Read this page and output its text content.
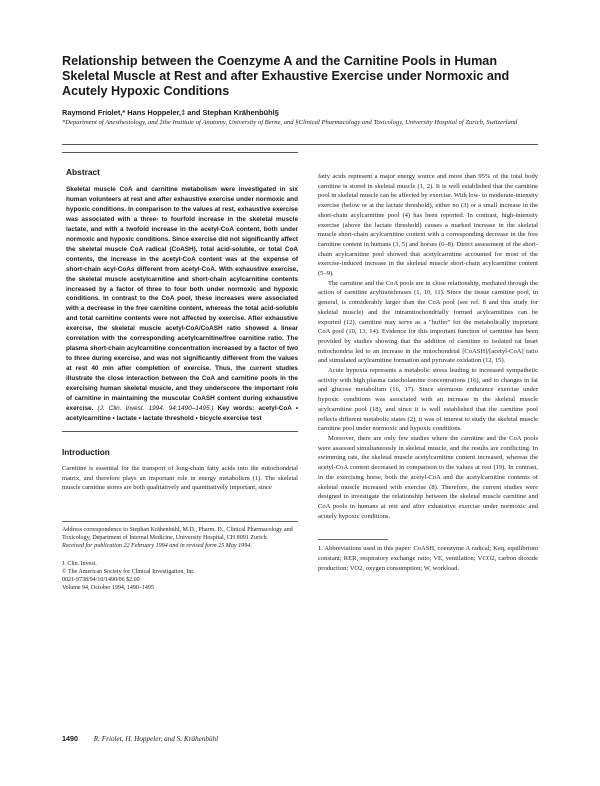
Relationship between the Coenzyme A and the Carnitine Pools in Human Skeletal Muscle at Rest and after Exhaustive Exercise under Normoxic and Acutely Hypoxic Conditions
Raymond Friolet,* Hans Hoppeler,‡ and Stephan Krähenbühl§
*Department of Anesthesiology, and ‡the Institute of Anatomy, University of Berne, and §Clinical Pharmacology and Toxicology, University Hospital of Zurich, Switzerland
Abstract

Skeletal muscle CoA and carnitine metabolism were investigated in six human volunteers at rest and after exhaustive exercise under normoxic and hypoxic conditions. In comparison to the values at rest, exhaustive exercise was associated with a three- to fourfold increase in the skeletal muscle lactate, and with a twofold increase in the acetyl-CoA content, both under normoxic and hypoxic conditions. Since exercise did not significantly affect the skeletal muscle CoA radical (CoASH), total acid-soluble, or total CoA contents, the increase in the acetyl-CoA content was at the expense of short-chain acyl-CoAs different from acetyl-CoA. With exhaustive exercise, the skeletal muscle acetylcarnitine and short-chain acylcarnitine contents increased by a factor of three to four both under normoxic and hypoxic conditions. In contrast to the CoA pool, these increases were associated with a decrease in the free carnitine content, whereas the total acid-soluble and total carnitine contents were not affected by exercise. After exhaustive exercise, the skeletal muscle acetyl-CoA/CoASH ratio showed a linear correlation with the corresponding acetylcarnitine/free carnitine ratio. The plasma short-chain acylcarnitine concentration increased by a factor of two to three during exercise, and was not significantly different from the values at rest 40 min after completion of exercise. Thus, the current studies illustrate the close interaction between the CoA and carnitine pools in the exercising human skeletal muscle, and they underscore the important role of carnitine in maintaining the muscular CoASH content during exhaustive exercise. (J. Clin. Invest. 1994. 94:1490–1495.) Key words: acetyl-CoA • acetylcarnitine • lactate • lactate threshold • bicycle exercise test

Introduction

Carnitine is essential for the transport of long-chain fatty acids into the mitochondrial matrix, and therefore plays an important role in energy metabolism (1). The skeletal muscle carnitine stores are both qualitatively and quantitatively important, since

Address correspondence to Stephan Krähenbühl, M.D., Pharm. D., Clinical Pharmacology and Toxicology, Department of Internal Medicine, University Hospital, CH 8091 Zurich.
Received for publication 22 February 1994 and in revised form 25 May 1994.

J. Clin. Invest.
© The American Society for Clinical Investigation, Inc.
0021-9738/94/10/1490/06 $2.00
Volume 94, October 1994, 1490–1495

fatty acids represent a major energy source and more than 95% of the total body carnitine is stored in skeletal muscle (1, 2). It is well established that the carnitine pool in skeletal muscle can be affected by exercise. With low- to moderate-intensity exercise (below or at the lactate threshold), either no (3) or a small increase in the short-chain acylcarnitine pool (4) has been reported. In contrast, high-intensity exercise (above the lactate threshold) causes a marked increase in the skeletal muscle short-chain acylcarnitine content with a corresponding decrease in the free carnitine content in humans (3, 5) and horses (6–8). Direct assessment of the short-chain acylcarnitine pool showed that acetylcarnitine accounted for most of the exercise-induced increase in the skeletal muscle short-chain acylcarnitine content (5–9).

The carnitine and the CoA pools are in close relationship, mediated through the action of carnitine acyltransferases (1, 10, 11). Since the tissue carnitine pool, in general, is considerably larger than the CoA pool (see ref. 8 and this study for skeletal muscle) and the intramitochondrially formed acylcarnitines can be exported (12), carnitine may serve as a "buffer" for the metabolically important CoA pool (10, 13, 14). Evidence for this important function of carnitine has been provided by studies showing that the addition of carnitine to isolated rat heart mitochondria led to an increase in the mitochondrial [CoASH]/[acetyl-CoA] ratio and stimulated acylcarnitine formation and pyruvate oxidation (12, 15).

Acute hypoxia represents a metabolic stress leading to increased sympathetic activity with high plasma catecholamine concentrations (16), and to changes in fat and glucose metabolism (16, 17). Since strenuous endurance exercise under hypoxic conditions was associated with an increase in the skeletal muscle acylcarnitine pool (18), and since it is well established that the carnitine pool reflects different metabolic states (2), it was of interest to study the skeletal muscle carnitine pool under normoxic and hypoxic conditions.

Moreover, there are only few studies where the carnitine and the CoA pools were assessed simultaneously in skeletal muscle, and the results are conflicting. In swimming rats, the skeletal muscle acetylcarnitine content increased, whereas the acetyl-CoA content decreased in comparison to the values at rest (19). In contrast, in the exercising horse, both the acetyl-CoA and the acetylcarnitine contents of skeletal muscle increased with exercise (8). Therefore, the current studies were designed to investigate the relationship between the skeletal muscle carnitine and CoA pools in humans at rest and after exhaustive exercise under normoxic and acutely hypoxic conditions.

1. Abbreviations used in this paper: CoASH, coenzyme A radical; Keq, equilibrium constant; RER, respiratory exchange ratio; VE, ventilation; VCO2, carbon dioxide production; VO2, oxygen consumption; W, workload.

1490 R. Friolet, H. Hoppeler, and S. Krähenbühl
